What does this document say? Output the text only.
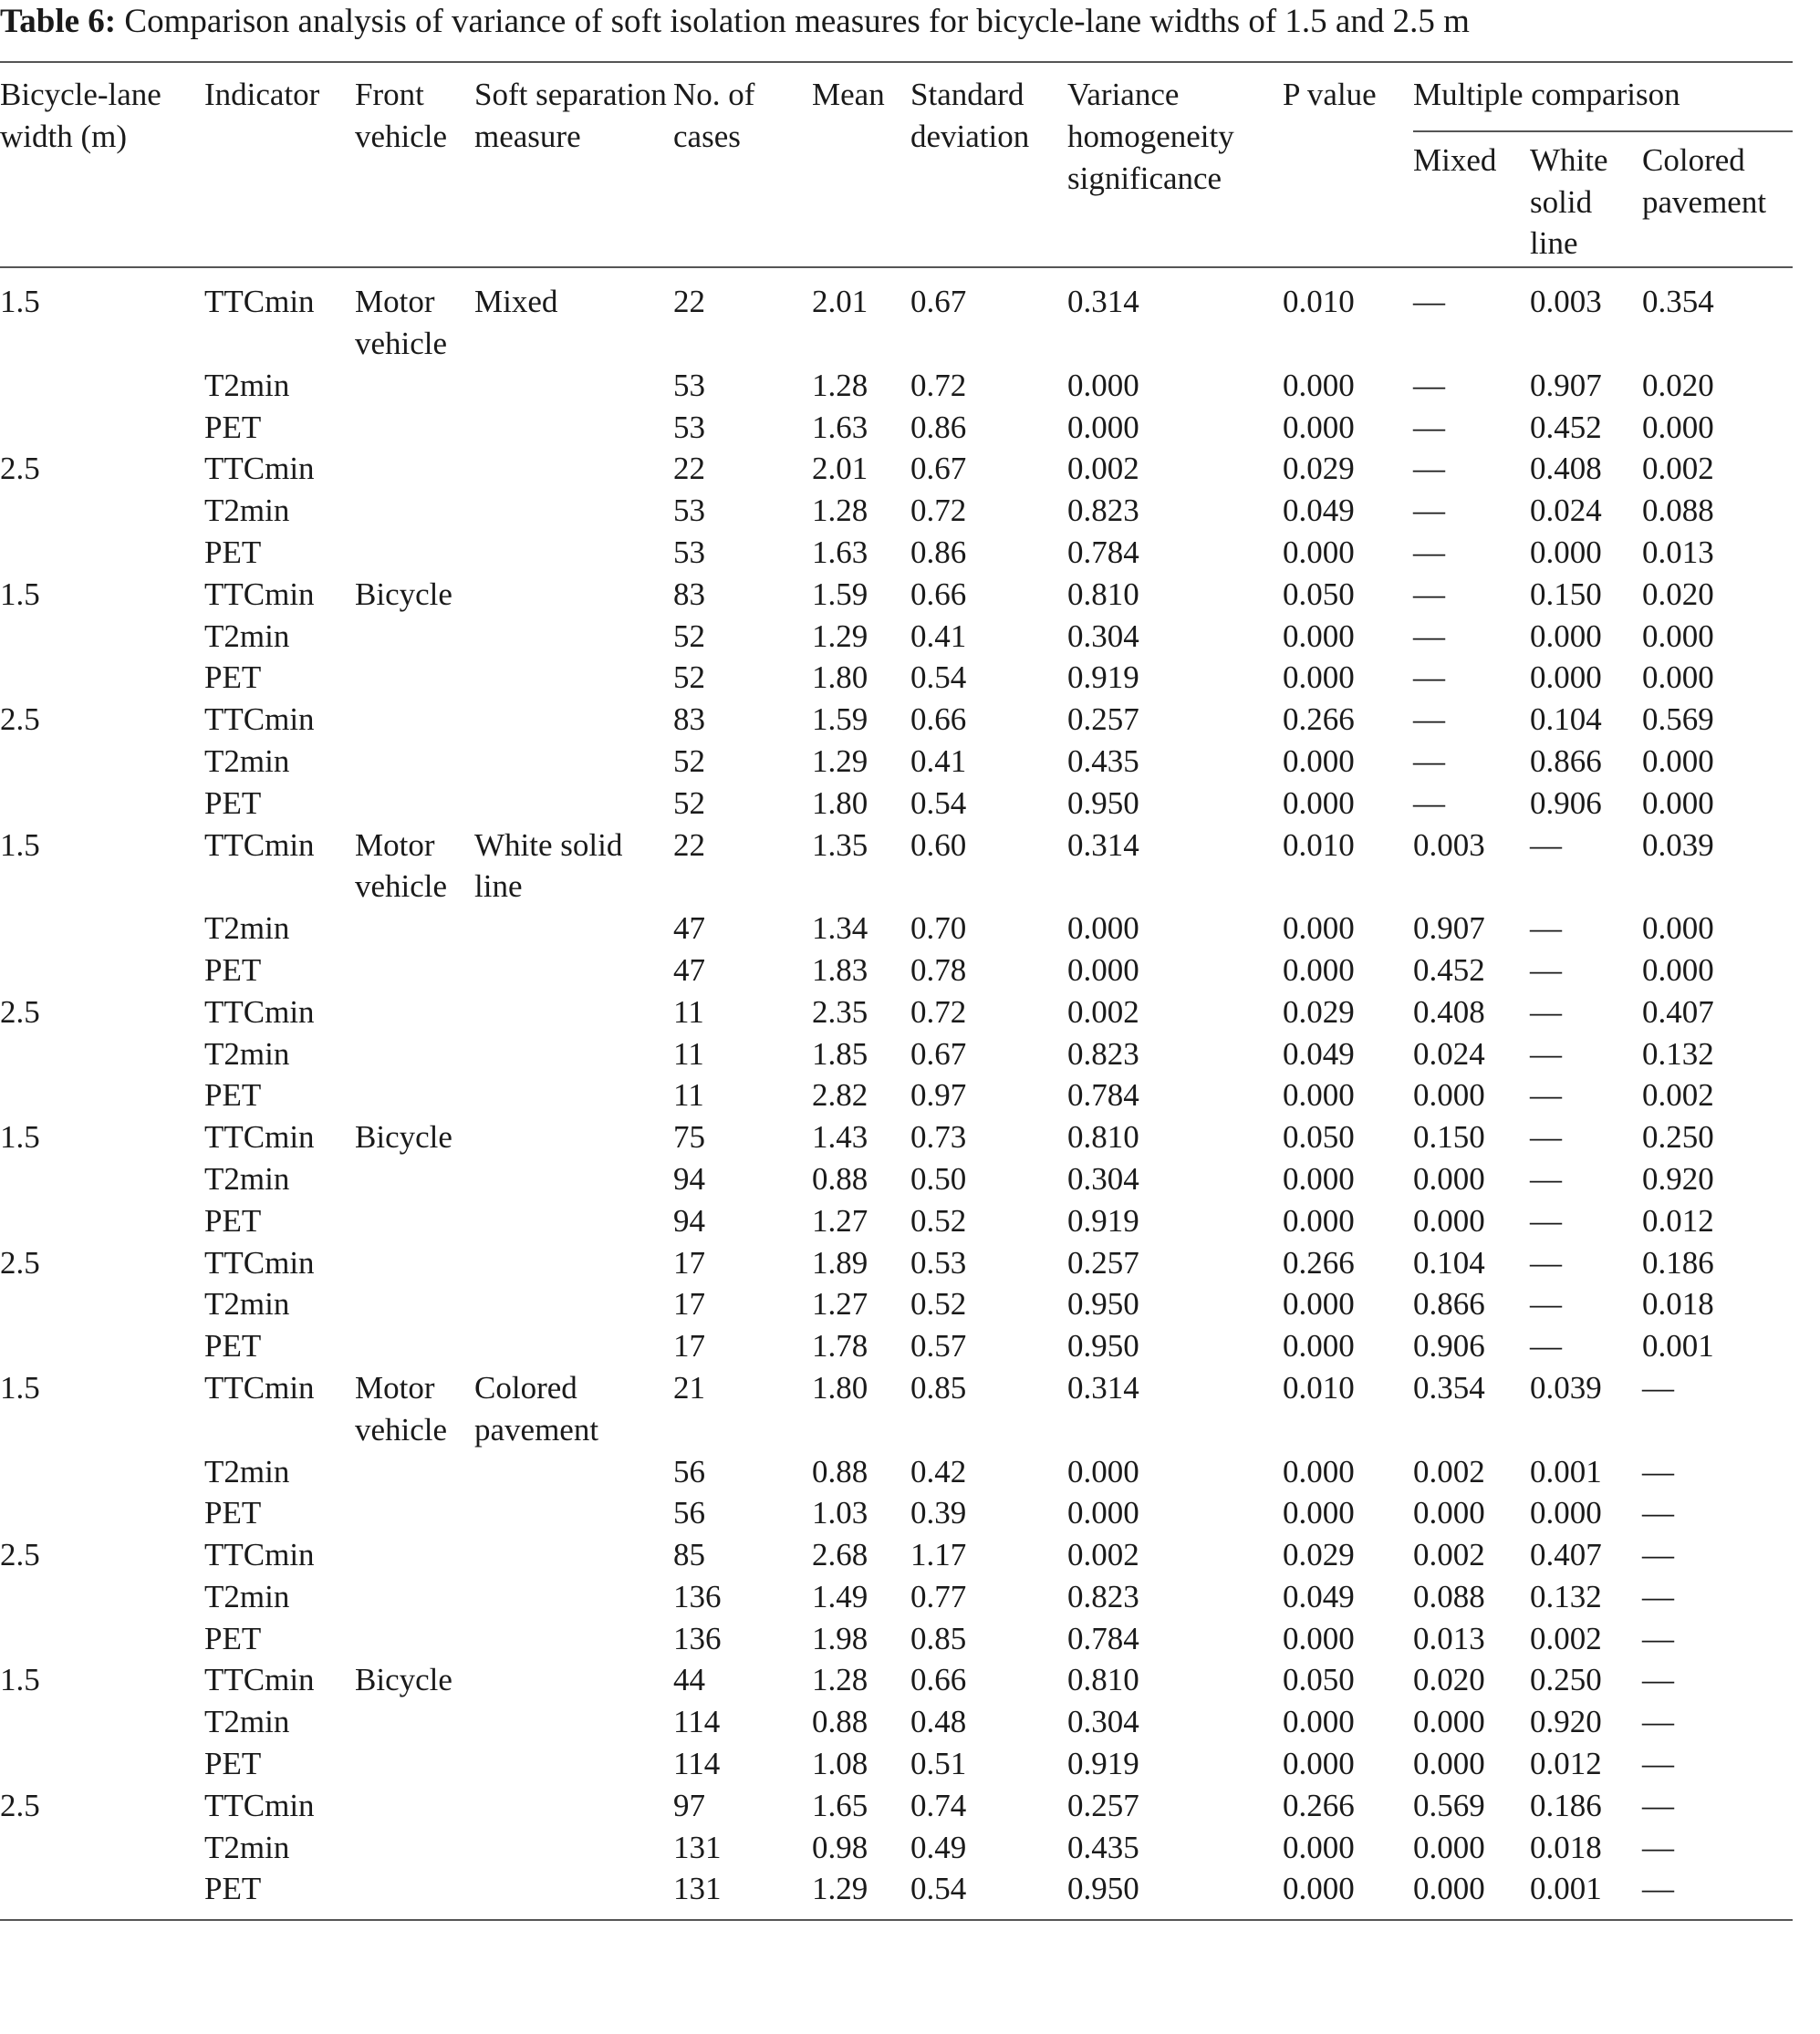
Table 6: Comparison analysis of variance of soft isolation measures for bicycle-lane widths of 1.5 and 2.5 m

Bicycle-lane width (m)	Indicator	Front vehicle	Soft separation measure	No. of cases	Mean	Standard deviation	Variance homogeneity significance	P value	Multiple comparison		
									Mixed	White solid line	Colored pavement
1.5	TTCmin	Motor vehicle	Mixed	22	2.01	0.67	0.314	0.010	—	0.003	0.354
	T2min			53	1.28	0.72	0.000	0.000	—	0.907	0.020
	PET			53	1.63	0.86	0.000	0.000	—	0.452	0.000
2.5	TTCmin			22	2.01	0.67	0.002	0.029	—	0.408	0.002
	T2min			53	1.28	0.72	0.823	0.049	—	0.024	0.088
	PET			53	1.63	0.86	0.784	0.000	—	0.000	0.013
1.5	TTCmin	Bicycle		83	1.59	0.66	0.810	0.050	—	0.150	0.020
	T2min			52	1.29	0.41	0.304	0.000	—	0.000	0.000
	PET			52	1.80	0.54	0.919	0.000	—	0.000	0.000
2.5	TTCmin			83	1.59	0.66	0.257	0.266	—	0.104	0.569
	T2min			52	1.29	0.41	0.435	0.000	—	0.866	0.000
	PET			52	1.80	0.54	0.950	0.000	—	0.906	0.000
1.5	TTCmin	Motor vehicle	White solid line	22	1.35	0.60	0.314	0.010	0.003	—	0.039
	T2min			47	1.34	0.70	0.000	0.000	0.907	—	0.000
	PET			47	1.83	0.78	0.000	0.000	0.452	—	0.000
2.5	TTCmin			11	2.35	0.72	0.002	0.029	0.408	—	0.407
	T2min			11	1.85	0.67	0.823	0.049	0.024	—	0.132
	PET			11	2.82	0.97	0.784	0.000	0.000	—	0.002
1.5	TTCmin	Bicycle		75	1.43	0.73	0.810	0.050	0.150	—	0.250
	T2min			94	0.88	0.50	0.304	0.000	0.000	—	0.920
	PET			94	1.27	0.52	0.919	0.000	0.000	—	0.012
2.5	TTCmin			17	1.89	0.53	0.257	0.266	0.104	—	0.186
	T2min			17	1.27	0.52	0.950	0.000	0.866	—	0.018
	PET			17	1.78	0.57	0.950	0.000	0.906	—	0.001
1.5	TTCmin	Motor vehicle	Colored pavement	21	1.80	0.85	0.314	0.010	0.354	0.039	—
	T2min			56	0.88	0.42	0.000	0.000	0.002	0.001	—
	PET			56	1.03	0.39	0.000	0.000	0.000	0.000	—
2.5	TTCmin			85	2.68	1.17	0.002	0.029	0.002	0.407	—
	T2min			136	1.49	0.77	0.823	0.049	0.088	0.132	—
	PET			136	1.98	0.85	0.784	0.000	0.013	0.002	—
1.5	TTCmin	Bicycle		44	1.28	0.66	0.810	0.050	0.020	0.250	—
	T2min			114	0.88	0.48	0.304	0.000	0.000	0.920	—
	PET			114	1.08	0.51	0.919	0.000	0.000	0.012	—
2.5	TTCmin			97	1.65	0.74	0.257	0.266	0.569	0.186	—
	T2min			131	0.98	0.49	0.435	0.000	0.000	0.018	—
	PET			131	1.29	0.54	0.950	0.000	0.000	0.001	—
